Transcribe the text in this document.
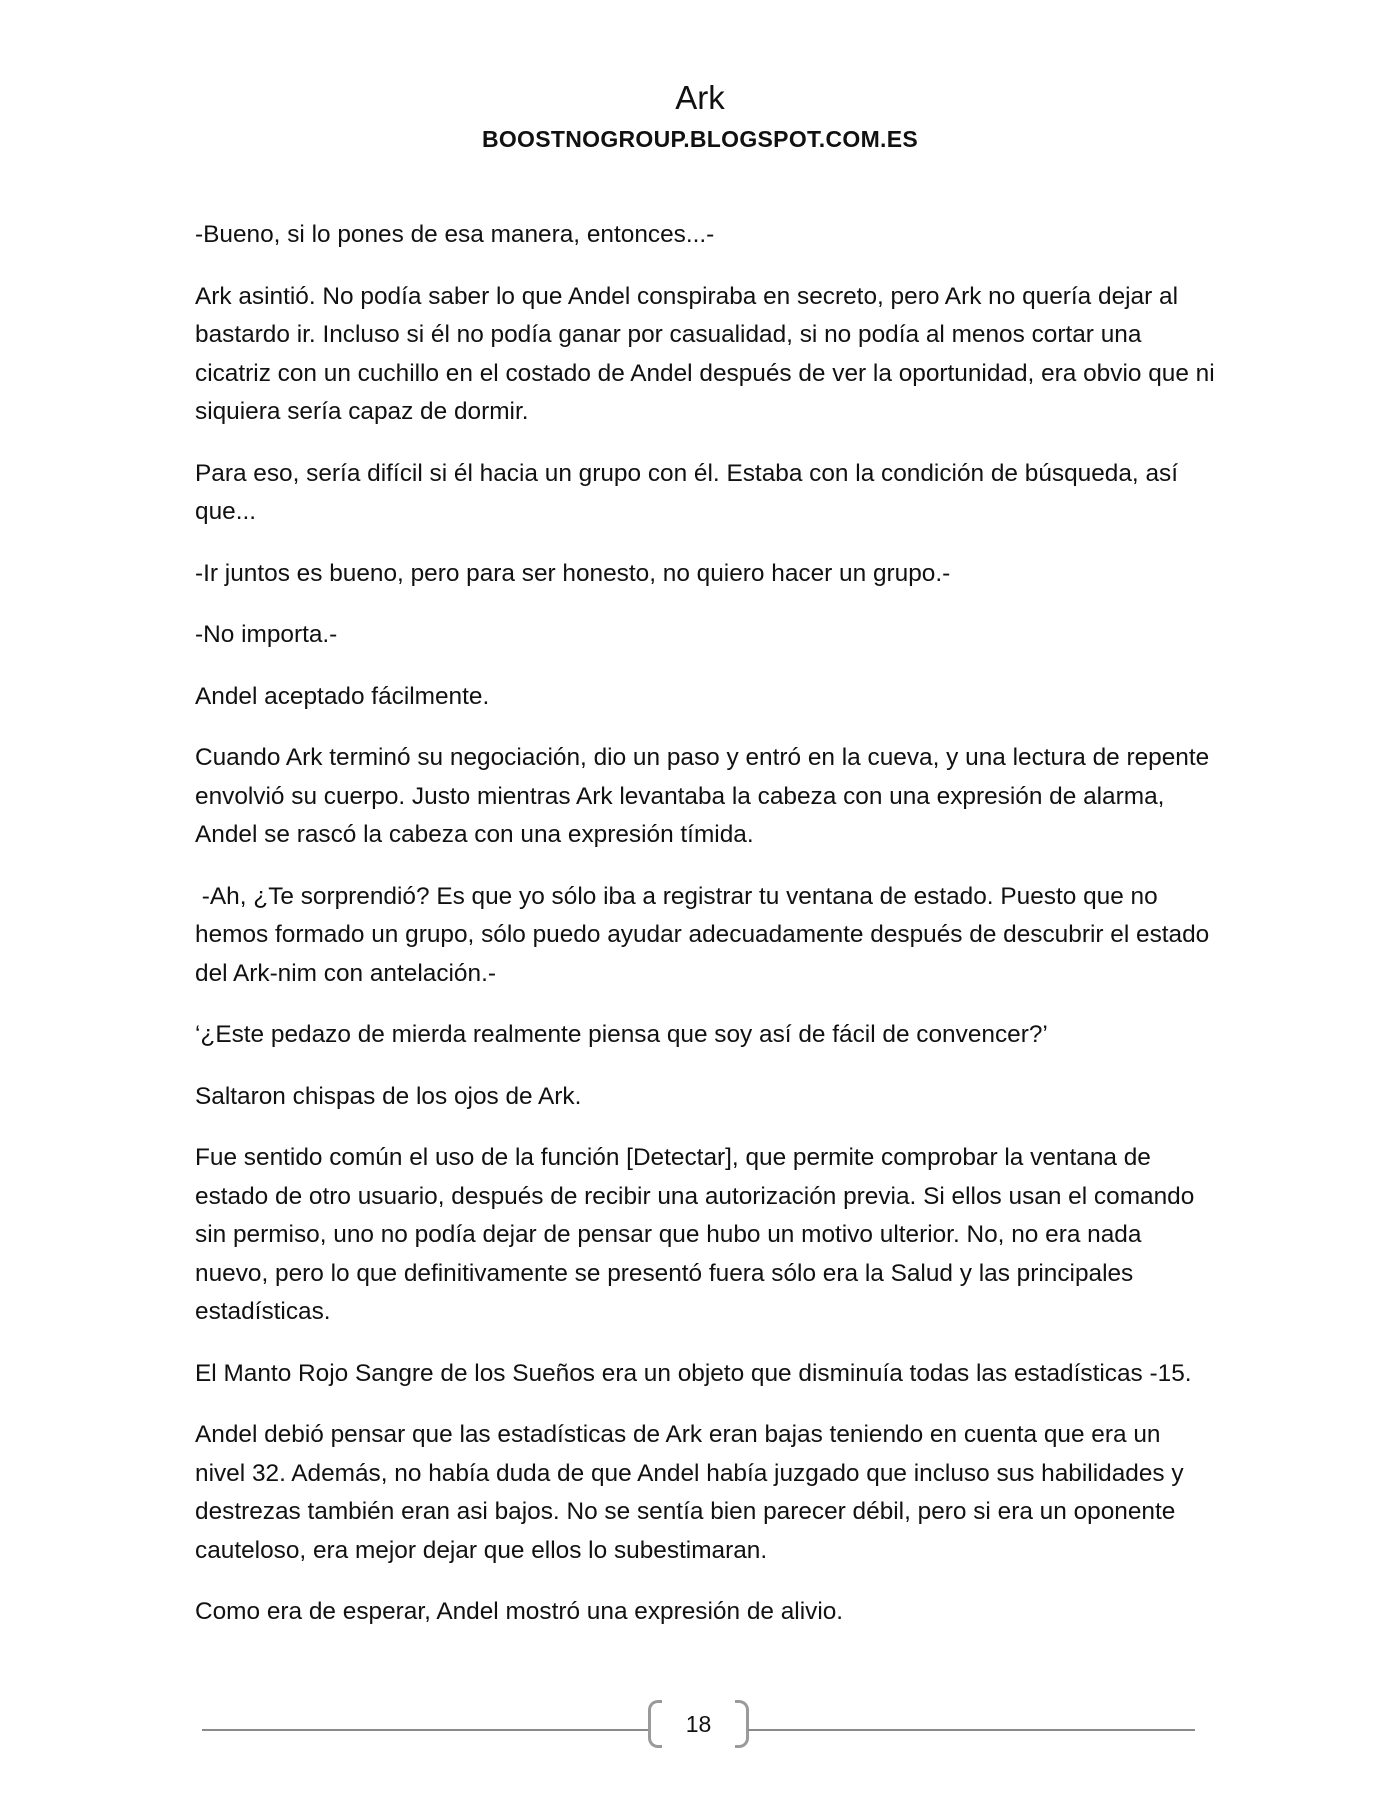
Ark
BOOSTNOGROUP.BLOGSPOT.COM.ES

-Bueno, si lo pones de esa manera, entonces...-

Ark asintió. No podía saber lo que Andel conspiraba en secreto, pero Ark no quería dejar al bastardo ir. Incluso si él no podía ganar por casualidad, si no podía al menos cortar una cicatriz con un cuchillo en el costado de Andel después de ver la oportunidad, era obvio que ni siquiera sería capaz de dormir.

Para eso, sería difícil si él hacia un grupo con él. Estaba con la condición de búsqueda, así que...

-Ir juntos es bueno, pero para ser honesto, no quiero hacer un grupo.-

-No importa.-

Andel aceptado fácilmente.

Cuando Ark terminó su negociación, dio un paso y entró en la cueva, y una lectura de repente envolvió su cuerpo. Justo mientras Ark levantaba la cabeza con una expresión de alarma, Andel se rascó la cabeza con una expresión tímida.

-Ah, ¿Te sorprendió? Es que yo sólo iba a registrar tu ventana de estado. Puesto que no hemos formado un grupo, sólo puedo ayudar adecuadamente después de descubrir el estado del Ark-nim con antelación.-

‘¿Este pedazo de mierda realmente piensa que soy así de fácil de convencer?’

Saltaron chispas de los ojos de Ark.

Fue sentido común el uso de la función [Detectar], que permite comprobar la ventana de estado de otro usuario, después de recibir una autorización previa. Si ellos usan el comando sin permiso, uno no podía dejar de pensar que hubo un motivo ulterior. No, no era nada nuevo, pero lo que definitivamente se presentó fuera sólo era la Salud y las principales estadísticas.

El Manto Rojo Sangre de los Sueños era un objeto que disminuía todas las estadísticas -15.

Andel debió pensar que las estadísticas de Ark eran bajas teniendo en cuenta que era un nivel 32. Además, no había duda de que Andel había juzgado que incluso sus habilidades y destrezas también eran asi bajos. No se sentía bien parecer débil, pero si era un oponente cauteloso, era mejor dejar que ellos lo subestimaran.

Como era de esperar, Andel mostró una expresión de alivio.

18
